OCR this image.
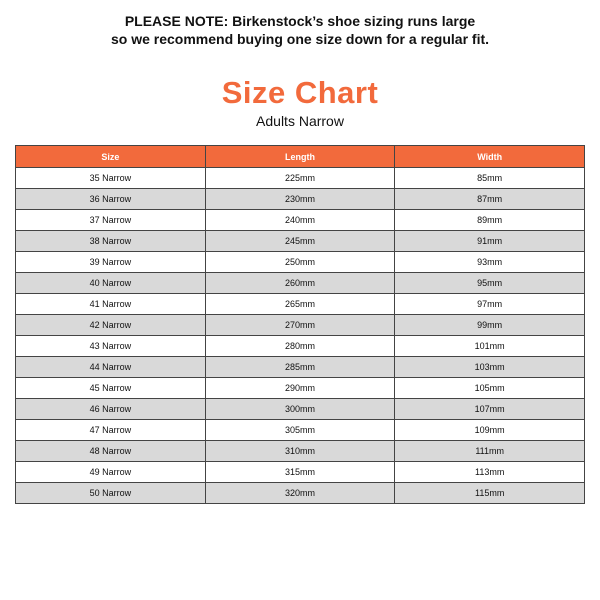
PLEASE NOTE: Birkenstock’s shoe sizing runs large
so we recommend buying one size down for a regular fit.
Size Chart
Adults Narrow
Size	Length	Width
35 Narrow	225mm	85mm
36 Narrow	230mm	87mm
37 Narrow	240mm	89mm
38 Narrow	245mm	91mm
39 Narrow	250mm	93mm
40 Narrow	260mm	95mm
41 Narrow	265mm	97mm
42 Narrow	270mm	99mm
43 Narrow	280mm	101mm
44 Narrow	285mm	103mm
45 Narrow	290mm	105mm
46 Narrow	300mm	107mm
47 Narrow	305mm	109mm
48 Narrow	310mm	111mm
49 Narrow	315mm	113mm
50 Narrow	320mm	115mm
